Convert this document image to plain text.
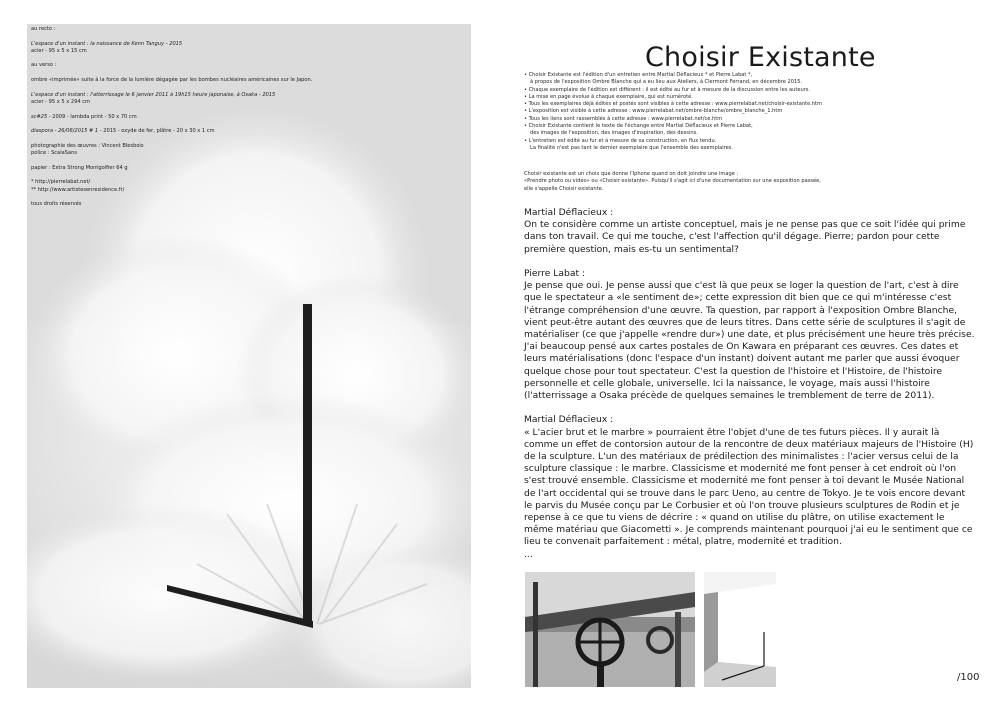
au recto :

L'espace d'un instant : la naissance de Kenn Tanguy - 2015

acier - 95 x 5 x 15 cm

au verso :

ombre «imprimée» suite à la force de la lumière dégagée par les bombes nucléaires américaines sur le Japon.

L'espace d'un instant : l'atterrissage le 6 janvier 2011 à 19h15 heure japonaise, à Osaka - 2015

acier - 95 x 5 x 294 cm

sc#25 - 2009 - lambda print - 50 x 70 cm

diaspora - 26/08/2015 # 1 - 2015 - oxyde de fer, plâtre - 20 x 30 x 1 cm

photographie des œuvres : Vincent Blesbois

police : ScalaSans

papier : Extra Strong Montgolfier 64 g

* http://pierrelabat.net/

** http://www.artistesenresidence.fr/

tous droits réservés

Choisir Existante

• Choisir Existante est l'édition d'un entretien entre Martial Déflacieux * et Pierre Labat *,

à propos de l'exposition Ombre Blanche qui a eu lieu aux Ateliers, à Clermont Ferrand, en décembre 2015.

• Chaque exemplaire de l'édition est différent : il est édité au fur et à mesure de la discussion entre les auteurs.

• La mise en page évolue à chaque exemplaire, qui est numéroté.

• Tous les exemplaires déjà édités et postés sont visibles à cette adresse : www.pierrelabat.net/choisir-existante.htm

• L'exposition est visible à cette adresse : www.pierrelabat.net/ombre-blanche/ombre_blanche_1.htm

• Tous les liens sont rassemblés à cette adresse : www.pierrelabat.net/ce.htm

• Choisir Existante contient le texte de l'échange entre Martial Déflacieux et Pierre Labat,

des images de l'exposition, des images d'inspiration, des dessins.

• L'entretien est édité au fur et à mesure de sa construction, en flux tendu.

La finalité n'est pas tant le dernier exemplaire que l'ensemble des exemplaires.

Choisir existante est un choix que donne l'Iphone quand on doit joindre une image :

«Prendre photo ou vidéo» ou «Choisir existante». Puisqu'il s'agit ici d'une documentation sur une exposition passée,

elle s'appelle Choisir existante.

Martial Déflacieux :

On te considère comme un artiste conceptuel, mais je ne pense pas que ce soit l'idée qui prime dans ton travail. Ce qui me touche, c'est l'affection qu'il dégage. Pierre; pardon pour cette première question, mais es-tu un sentimental?

Pierre Labat :

Je pense que oui. Je pense aussi que c'est là que peux se loger la question de l'art, c'est à dire que le spectateur a «le sentiment de»; cette expression dit bien que ce qui m'intéresse c'est l'étrange compréhension d'une œuvre. Ta question, par rapport à l'exposition Ombre Blanche, vient peut-être autant des œuvres que de leurs titres. Dans cette série de sculptures il s'agit de matérialiser (ce que j'appelle «rendre dur») une date, et plus précisément une heure très précise. J'ai beaucoup pensé aux cartes postales de On Kawara en préparant ces œuvres. Ces dates et leurs matérialisations (donc l'espace d'un instant) doivent autant me parler que aussi évoquer quelque chose pour tout spectateur. C'est la question de l'histoire et l'Histoire, de l'histoire personnelle et celle globale, universelle. Ici la naissance, le voyage, mais aussi l'histoire (l'atterrissage a Osaka précède de quelques semaines le tremblement de terre de 2011).

Martial Déflacieux :

« L'acier brut et le marbre » pourraient être l'objet d'une de tes futurs pièces. Il y aurait là comme un effet de contorsion autour de la rencontre de deux matériaux majeurs de l'Histoire (H) de la sculpture. L'un des matériaux de prédilection des minimalistes : l'acier versus celui de la sculpture classique : le marbre. Classicisme et modernité me font penser à cet endroit où l'on s'est trouvé ensemble. Classicisme et modernité me font penser à toi devant le Musée National de l'art occidental qui se trouve dans le parc Ueno, au centre de Tokyo. Je te vois encore devant le parvis du Musée conçu par Le Corbusier et où l'on trouve plusieurs sculptures de Rodin et je repense à ce que tu viens de décrire : « quand on utilise du plâtre, on utilise exactement le même matériau que Giacometti ». Je comprends maintenant pourquoi j'ai eu le sentiment que ce lieu te convenait parfaitement : métal, platre, modernité et tradition.

...

/100
